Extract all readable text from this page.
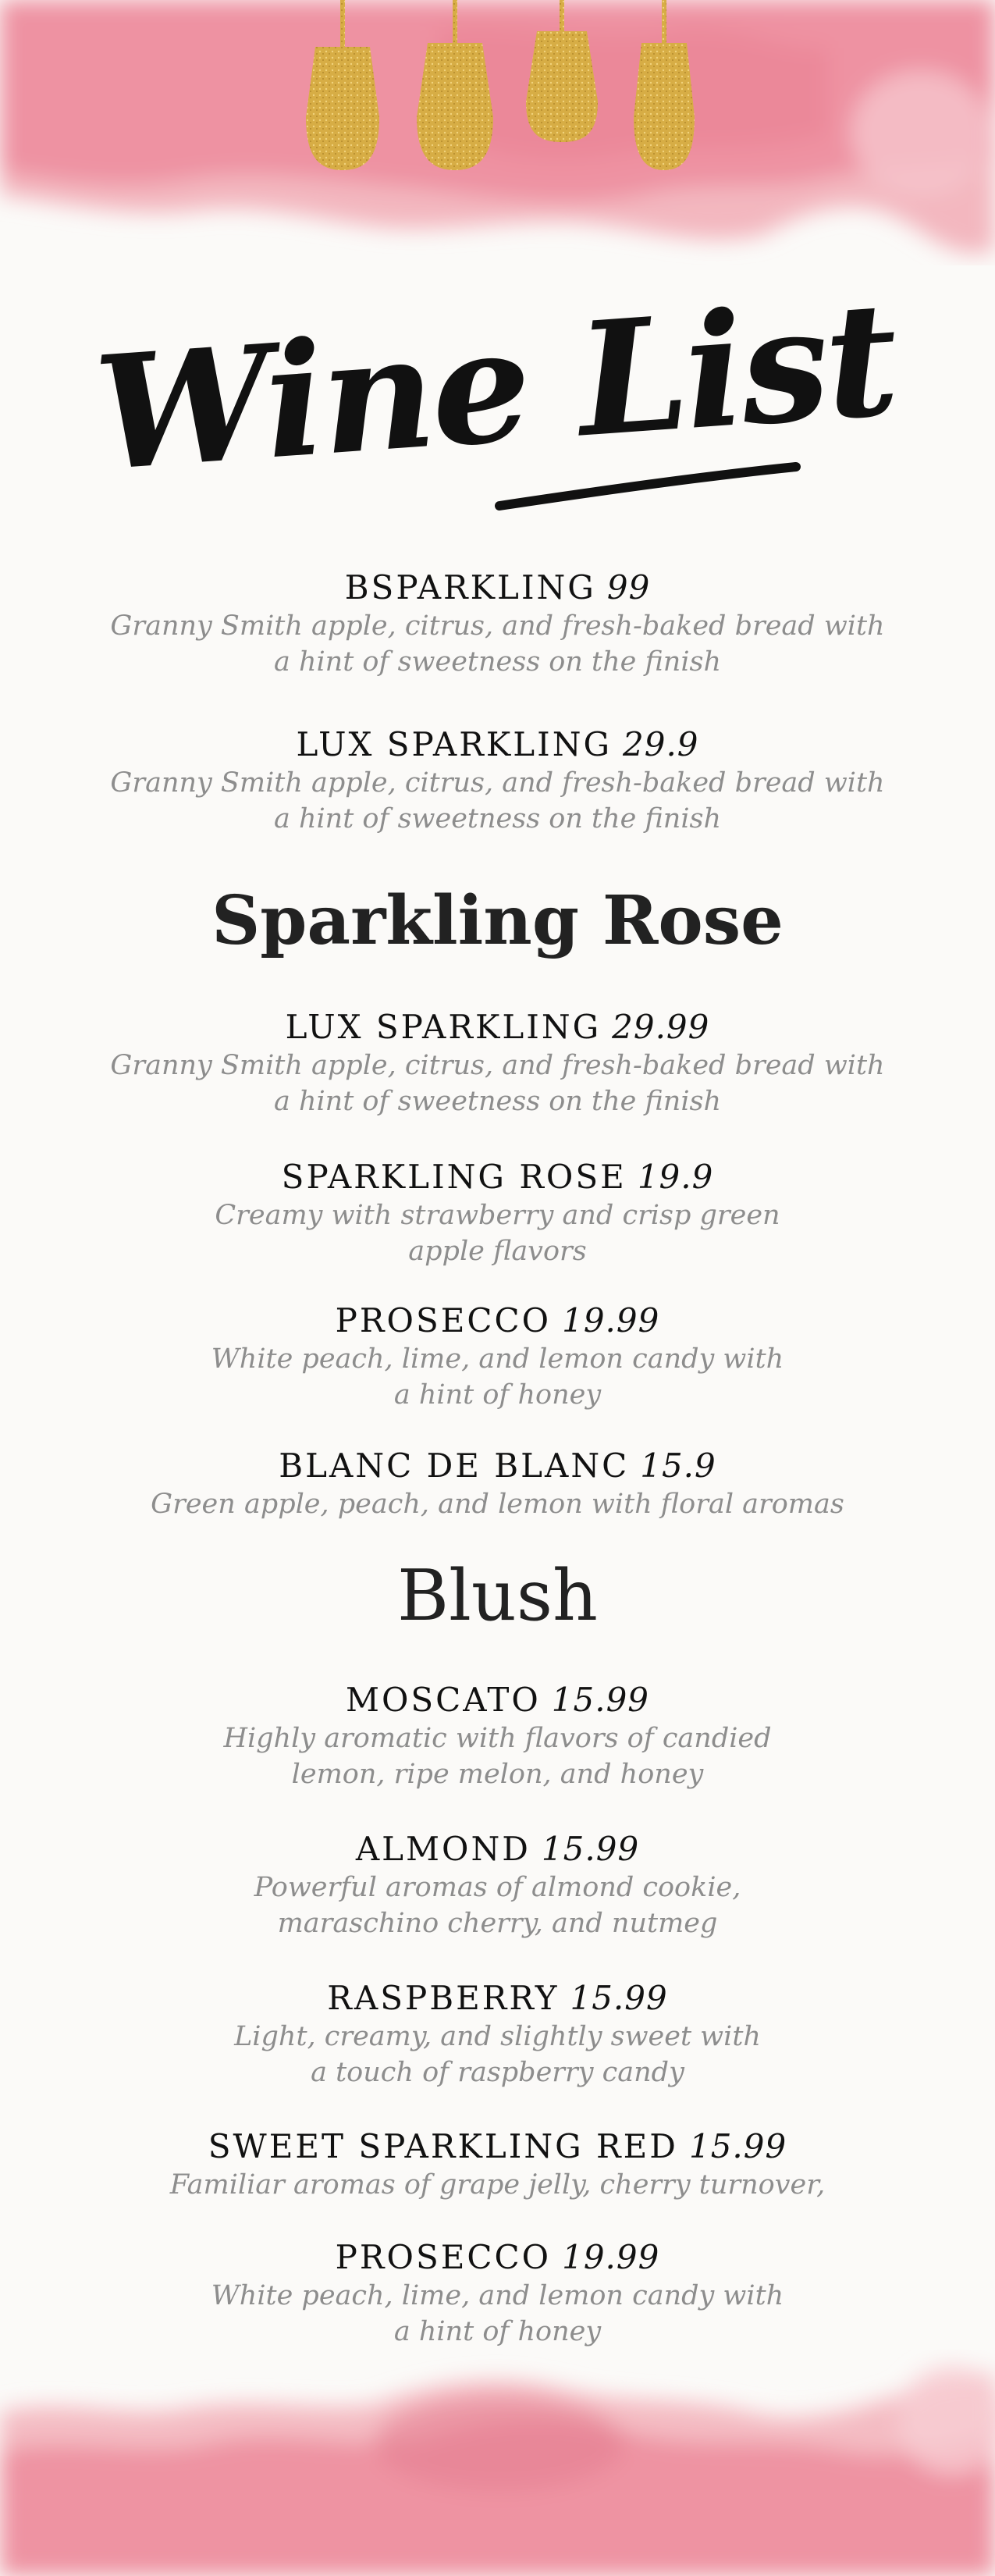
Wine List
BSPARKLING 99
Granny Smith apple, citrus, and fresh-baked bread with
a hint of sweetness on the finish
LUX SPARKLING 29.9
Granny Smith apple, citrus, and fresh-baked bread with
a hint of sweetness on the finish
Sparkling Rose
LUX SPARKLING 29.99
Granny Smith apple, citrus, and fresh-baked bread with
a hint of sweetness on the finish
SPARKLING ROSE 19.9
Creamy with strawberry and crisp green
apple flavors
PROSECCO 19.99
White peach, lime, and lemon candy with
a hint of honey
BLANC DE BLANC 15.9
Green apple, peach, and lemon with floral aromas
Blush
MOSCATO 15.99
Highly aromatic with flavors of candied
lemon, ripe melon, and honey
ALMOND 15.99
Powerful aromas of almond cookie,
maraschino cherry, and nutmeg
RASPBERRY 15.99
Light, creamy, and slightly sweet with
a touch of raspberry candy
SWEET SPARKLING RED 15.99
Familiar aromas of grape jelly, cherry turnover,
PROSECCO 19.99
White peach, lime, and lemon candy with
a hint of honey
